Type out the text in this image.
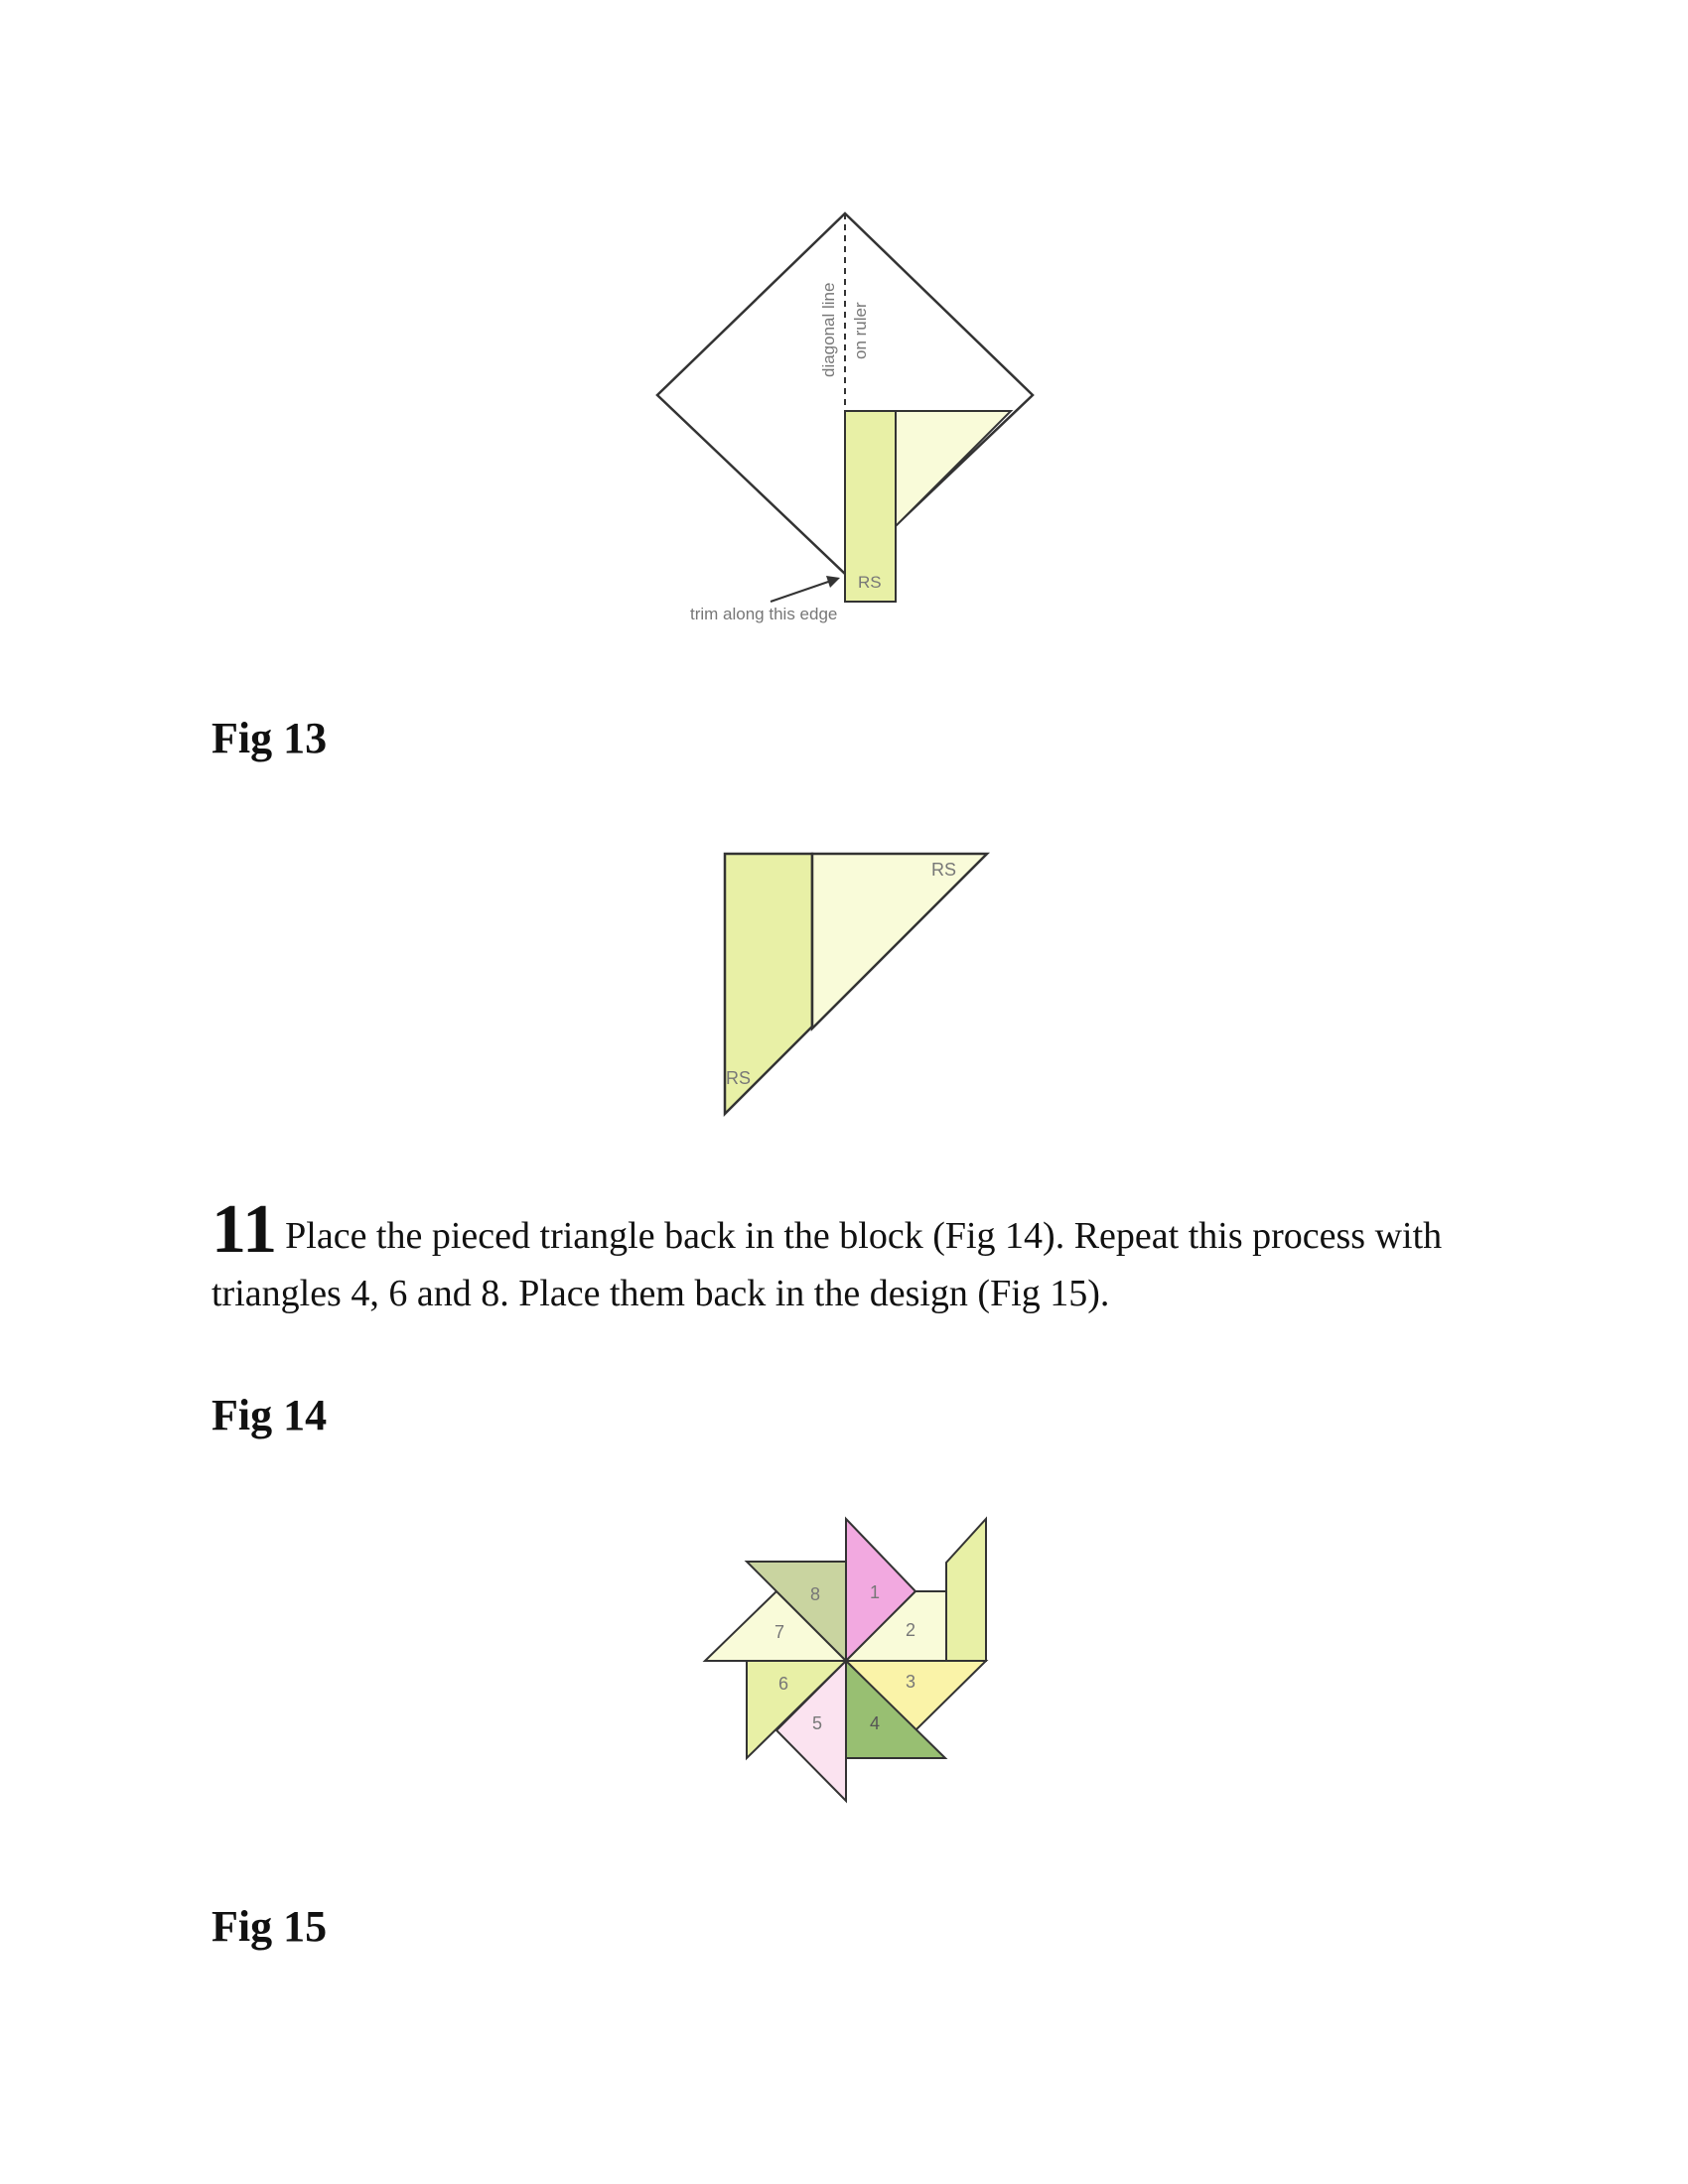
diagonal line on ruler
RS
trim along this edge

Fig 13

RS
RS

11 Place the pieced triangle back in the block (Fig 14). Repeat this process with triangles 4, 6 and 8. Place them back in the design (Fig 15).

Fig 14

1
2
3
4
5
6
7
8

Fig 15
